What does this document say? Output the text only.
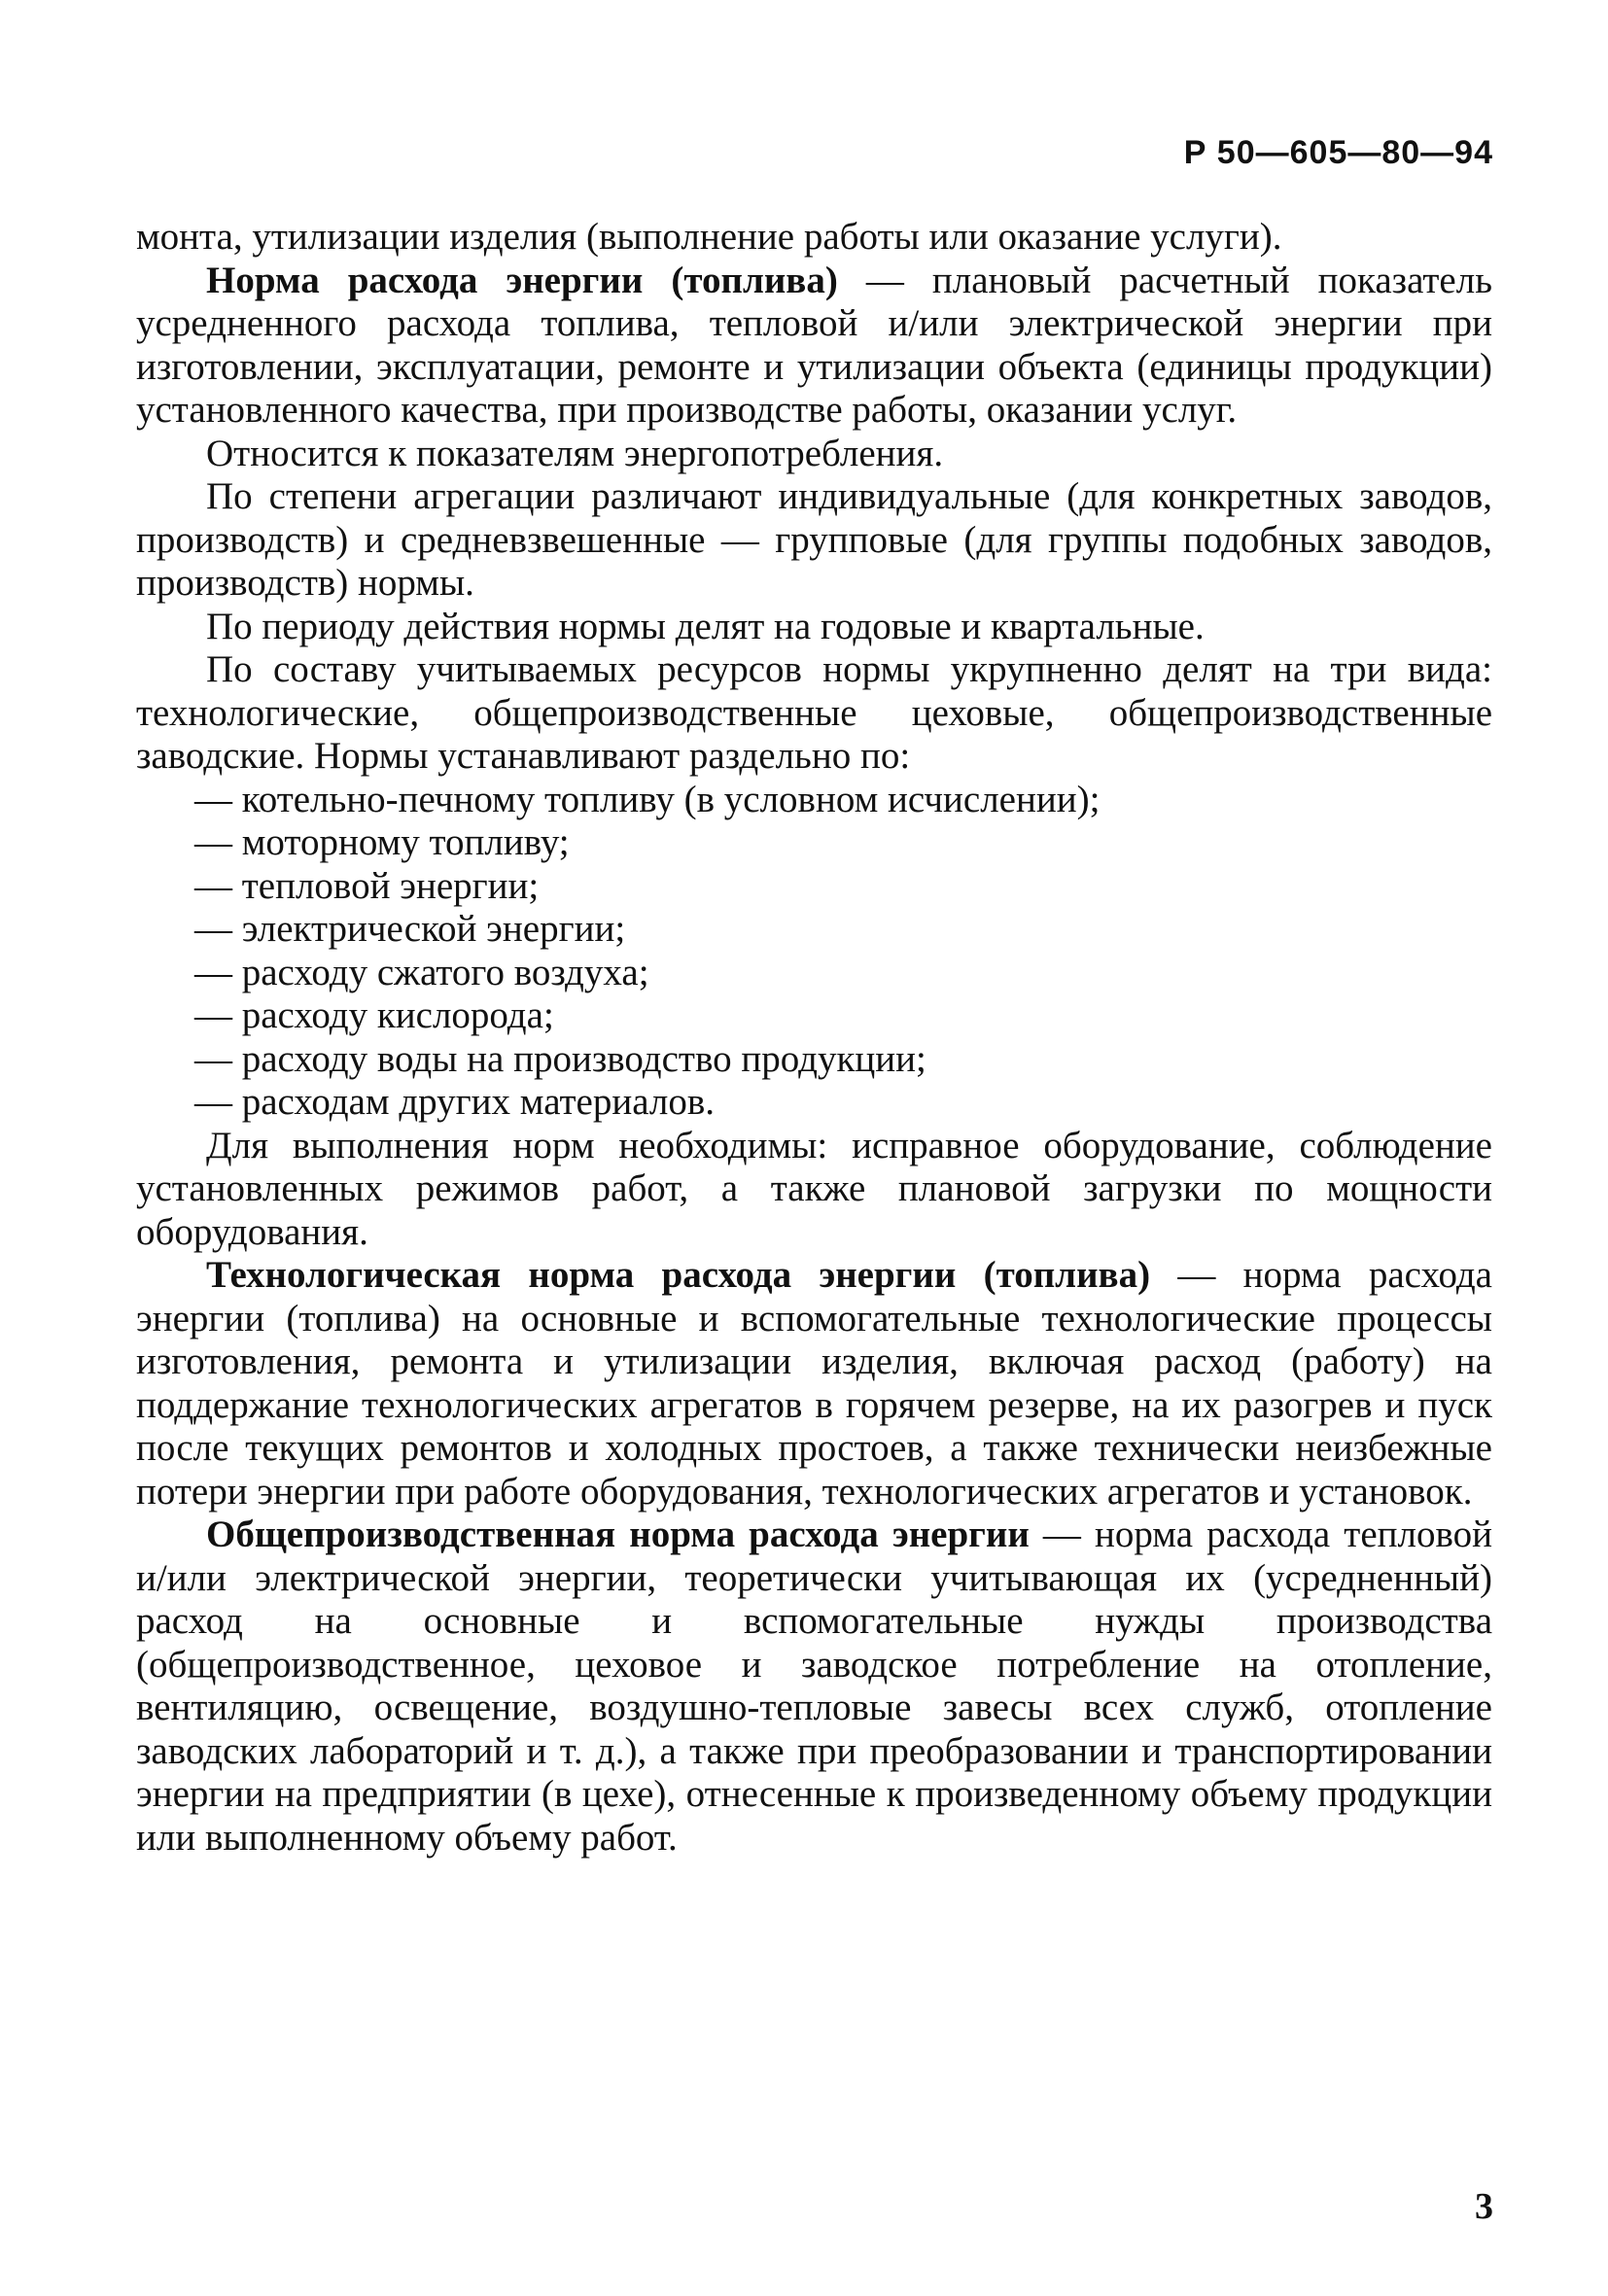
Р 50—605—80—94

монта, утилизации изделия (выполнение работы или оказание услуги).

Норма расхода энергии (топлива) — плановый расчетный показатель усредненного расхода топлива, тепловой и/или электрической энергии при изготовлении, эксплуатации, ремонте и утилизации объекта (единицы продукции) установленного качества, при производстве работы, оказании услуг.

Относится к показателям энергопотребления.

По степени агрегации различают индивидуальные (для конкретных заводов, производств) и средневзвешенные — групповые (для группы подобных заводов, производств) нормы.

По периоду действия нормы делят на годовые и квартальные.

По составу учитываемых ресурсов нормы укрупненно делят на три вида: технологические, общепроизводственные цеховые, общепроизводственные заводские. Нормы устанавливают раздельно по:

— котельно-печному топливу (в условном исчислении);

— моторному топливу;

— тепловой энергии;

— электрической энергии;

— расходу сжатого воздуха;

— расходу кислорода;

— расходу воды на производство продукции;

— расходам других материалов.

Для выполнения норм необходимы: исправное оборудование, соблюдение установленных режимов работ, а также плановой загрузки по мощности оборудования.

Технологическая норма расхода энергии (топлива) — норма расхода энергии (топлива) на основные и вспомогательные технологические процессы изготовления, ремонта и утилизации изделия, включая расход (работу) на поддержание технологических агрегатов в горячем резерве, на их разогрев и пуск после текущих ремонтов и холодных простоев, а также технически неизбежные потери энергии при работе оборудования, технологических агрегатов и установок.

Общепроизводственная норма расхода энергии — норма расхода тепловой и/или электрической энергии, теоретически учитывающая их (усредненный) расход на основные и вспомогательные нужды производства (общепроизводственное, цеховое и заводское потребление на отопление, вентиляцию, освещение, воздушно-тепловые завесы всех служб, отопление заводских лабораторий и т. д.), а также при преобразовании и транспортировании энергии на предприятии (в цехе), отнесенные к произведенному объему продукции или выполненному объему работ.

3
